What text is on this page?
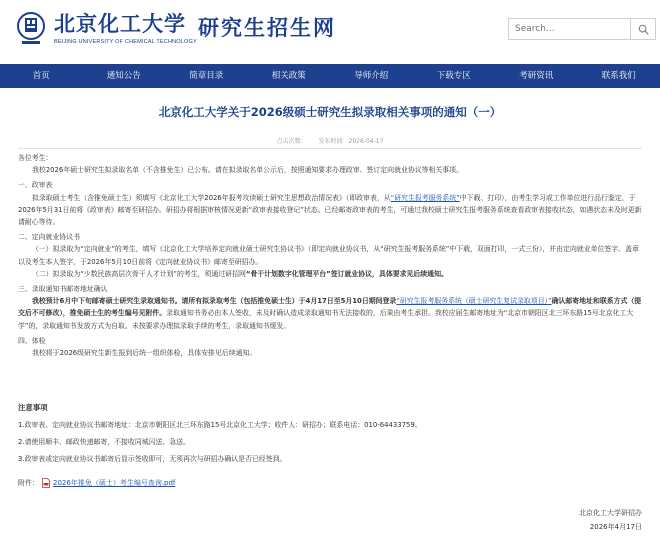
北京化工大学
BEIJING UNIVERSITY OF CHEMICAL TECHNOLOGY
研究生招生网
Search...
首页	通知公告	简章目录	相关政策	导师介绍	下载专区	考研资讯	联系我们
北京化工大学关于2026级硕士研究生拟录取相关事项的通知（一）
点击次数： 发布时间：2026-04-17
各位考生：
我校2026年硕士研究生拟录取名单（不含推免生）已公布。请在拟录取名单公示后，按照通知要求办理政审、签订定向就业协议等相关事项。
一、政审表
拟录取硕士考生（含推免硕士生）须填写《北京化工大学2026年报考攻读硕士研究生思想政治情况表》（即政审表，从“研究生报考服务系统”中下载、打印），由考生学习或工作单位进行品行鉴定，于2026年5月31日前将《政审表》邮寄至研招办。研招办将根据审核情况更新“政审表接收登记”状态。已经邮寄政审表的考生，可通过我校硕士研究生报考服务系统查看政审表接收状态，如遇状态未及时更新请耐心等待。
二、定向就业协议书
（一）拟录取为“定向就业”的考生，填写《北京化工大学培养定向就业硕士研究生协议书》（即定向就业协议书，从“研究生报考服务系统”中下载，双面打印，一式三份），并由定向就业单位签字、盖章以及考生本人签字，于2026年5月10日前将《定向就业协议书》邮寄至研招办。
（二）拟录取为“少数民族高层次骨干人才计划”的考生，须通过研招网“骨干计划数字化管理平台”签订就业协议，具体要求见后续通知。
三、录取通知书邮寄地址确认
我校预计6月中下旬邮寄硕士研究生录取通知书。请所有拟录取考生（包括推免硕士生）于4月17日至5月10日期间登录“研究生报考服务系统（硕士研究生复试录取项目）”确认邮寄地址和联系方式（提交后不可修改），推免硕士生的考生编号见附件。录取通知书务必由本人签收，未及时确认造成录取通知书无法接收的，后果由考生承担。我校应届生邮寄地址为“北京市朝阳区北三环东路15号北京化工大学”的，录取通知书发放方式为自取。未按要求办理拟录取手续的考生，录取通知书缓发。
四、体检
我校将于2026级研究生新生报到后统一组织体检，具体安排见后续通知。
注意事项
1.政审表、定向就业协议书邮寄地址：北京市朝阳区北三环东路15号北京化工大学；收件人：研招办；联系电话：010-64433759。
2.请使用顺丰、邮政快递邮寄，不接收同城闪送、急送。
3.政审表或定向就业协议书邮寄后显示签收即可，无须再次与研招办确认是否已经签到。
附件： 2026年推免（硕士）考生编号查询.pdf
北京化工大学研招办
2026年4月17日
